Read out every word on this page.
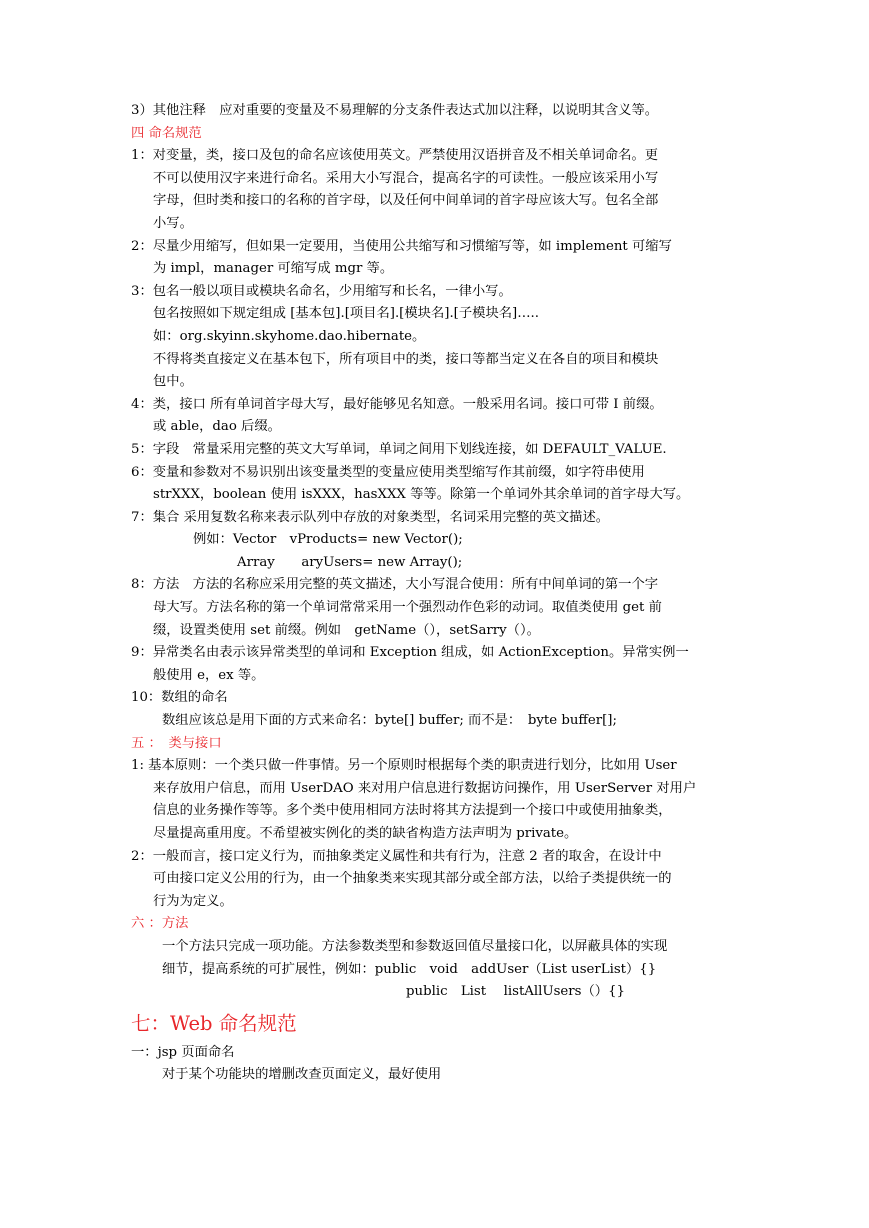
3）其他注释　应对重要的变量及不易理解的分支条件表达式加以注释，以说明其含义等。
四 命名规范
1：对变量，类，接口及包的命名应该使用英文。严禁使用汉语拼音及不相关单词命名。更
不可以使用汉字来进行命名。采用大小写混合，提高名字的可读性。一般应该采用小写
字母，但时类和接口的名称的首字母，以及任何中间单词的首字母应该大写。包名全部
小写。
2：尽量少用缩写，但如果一定要用，当使用公共缩写和习惯缩写等，如 implement 可缩写
为 impl，manager 可缩写成 mgr 等。
3：包名一般以项目或模块名命名，少用缩写和长名，一律小写。
包名按照如下规定组成 [基本包].[项目名].[模块名].[子模块名]…..
如：org.skyinn.skyhome.dao.hibernate。
不得将类直接定义在基本包下，所有项目中的类，接口等都当定义在各自的项目和模块
包中。
4：类，接口 所有单词首字母大写，最好能够见名知意。一般采用名词。接口可带 I 前缀。
或 able，dao 后缀。
5：字段　常量采用完整的英文大写单词，单词之间用下划线连接，如 DEFAULT_VALUE.
6：变量和参数对不易识别出该变量类型的变量应使用类型缩写作其前缀，如字符串使用
strXXX，boolean 使用 isXXX，hasXXX 等等。除第一个单词外其余单词的首字母大写。
7：集合 采用复数名称来表示队列中存放的对象类型，名词采用完整的英文描述。
例如：Vector　vProducts= new Vector();
Array　　aryUsers= new Array();
8：方法　方法的名称应采用完整的英文描述，大小写混合使用：所有中间单词的第一个字
母大写。方法名称的第一个单词常常采用一个强烈动作色彩的动词。取值类使用 get 前
缀，设置类使用 set 前缀。例如　getName（），setSarry（）。
9：异常类名由表示该异常类型的单词和 Exception 组成，如 ActionException。异常实例一
般使用 e，ex 等。
10：数组的命名
数组应该总是用下面的方式来命名：byte[] buffer; 而不是：　byte buffer[];
五 ：　类与接口
1: 基本原则：一个类只做一件事情。另一个原则时根据每个类的职责进行划分，比如用 User
来存放用户信息，而用 UserDAO 来对用户信息进行数据访问操作，用 UserServer 对用户
信息的业务操作等等。多个类中使用相同方法时将其方法提到一个接口中或使用抽象类，
尽量提高重用度。不希望被实例化的类的缺省构造方法声明为 private。
2：一般而言，接口定义行为，而抽象类定义属性和共有行为，注意 2 者的取舍，在设计中
可由接口定义公用的行为，由一个抽象类来实现其部分或全部方法，以给子类提供统一的
行为为定义。
六 ：方法
一个方法只完成一项功能。方法参数类型和参数返回值尽量接口化，以屏蔽具体的实现
细节，提高系统的可扩展性，例如：public　void　addUser（List userList）{}
public　List　 listAllUsers（）{}
七：Web 命名规范
一：jsp 页面命名
对于某个功能块的增删改查页面定义，最好使用
